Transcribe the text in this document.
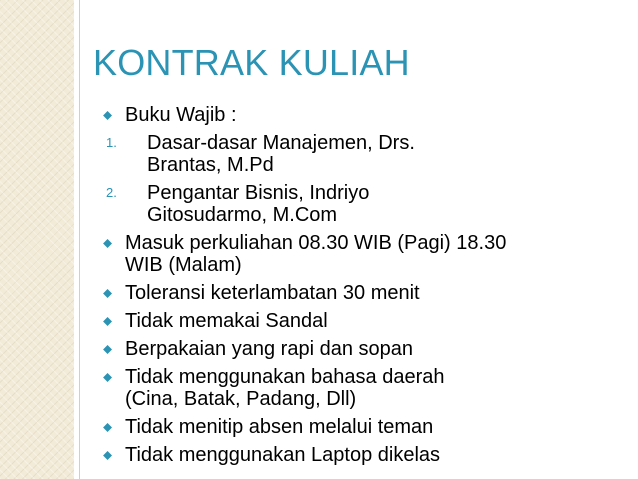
KONTRAK KULIAH
⬥ Buku Wajib :
1. Dasar-dasar Manajemen, Drs.
Brantas, M.Pd
2. Pengantar Bisnis, Indriyo
Gitosudarmo, M.Com
⬥ Masuk perkuliahan 08.30 WIB (Pagi) 18.30
WIB (Malam)
⬥ Toleransi keterlambatan 30 menit
⬥ Tidak memakai Sandal
⬥ Berpakaian yang rapi dan sopan
⬥ Tidak menggunakan bahasa daerah
(Cina, Batak, Padang, Dll)
⬥ Tidak menitip absen melalui teman
⬥ Tidak menggunakan Laptop dikelas
